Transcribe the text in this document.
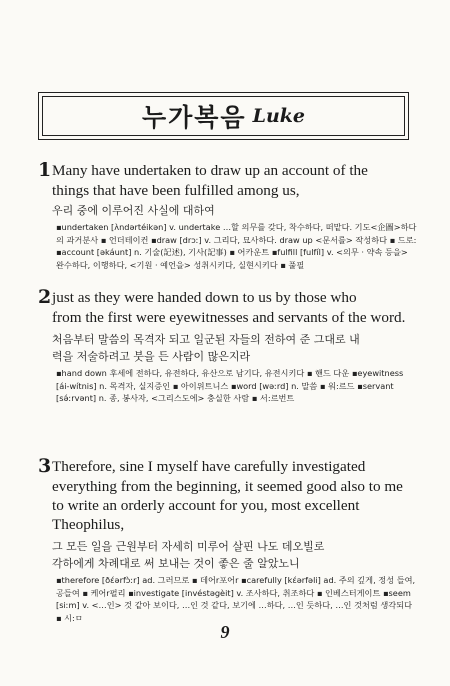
누가복음 Luke
1 Many have undertaken to draw up an account of the

things that have been fulfilled among us,

우리 중에 이루어진 사실에 대하여

▪undertaken [ʌ̀ndərtéikən] v. undertake …할 의무를 갖다, 착수하다, 떠맡다. 기도<企圖>하다의 과거분사 ▪ 언더테이컨 ▪draw [drɔː] v. 그리다, 묘사하다. draw up <문서를> 작성하다 ▪ 드로: ▪account [əkáunt] n. 기술(記述), 기사(記事) ▪ 어카운트 ▪fulfill [fulfíl] v. <의무 · 약속 등을> 완수하다, 이행하다, <기원 · 예언을> 성취시키다, 실현시키다 ▪ 풀필

2 just as they were handed down to us by those who

from the first were eyewitnesses and servants of the word.

처음부터 말씀의 목격자 되고 일군된 자들의 전하여 준 그대로 내

력을 저술하려고 붓을 든 사람이 많은지라

▪hand down 후세에 전하다, 유전하다, 유산으로 남기다, 유전시키다 ▪ 핸드 다운 ▪eyewitness [ái-wítnis] n. 목격자, 실지증인 ▪ 아이위트니스 ▪word [wəːrd] n. 말씀 ▪ 워:르드 ▪servant [sə́ːrvənt] n. 종, 봉사자, <그리스도에> 충실한 사람 ▪ 서:르번트

3 Therefore, sine I myself have carefully investigated

everything from the beginning, it seemed good also to me to write an orderly account for you, most excellent Theophilus,

그 모든 일을 근원부터 자세히 미루어 살핀 나도 데오빌로

각하에게 차례대로 써 보내는 것이 좋은 줄 알았노니

▪therefore [ðέərfɔ̀ːr] ad. 그러므로 ▪ 데어r포어r ▪carefully [kέərfəli] ad. 주의 깊게, 정성 들여, 공들여 ▪ 케어r펄리 ▪investigate [invéstəgèit] v. 조사하다, 취조하다 ▪ 인베스터게이트 ▪seem [siːm] v. <…인> 것 같아 보이다, …인 것 같다, 보기에 …하다, …인 듯하다, …인 것처럼 생각되다 ▪ 시:ㅁ

9
